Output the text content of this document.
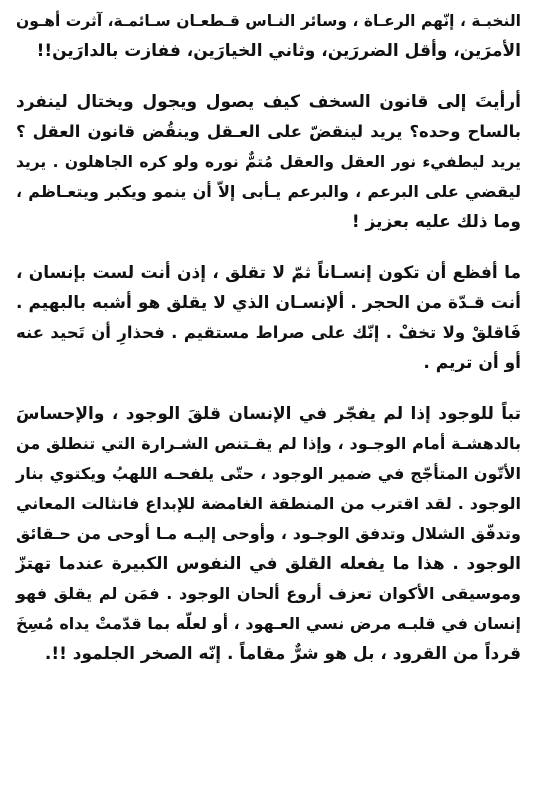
النخبـة ، إنّهم الرعـاة ، وسائر النـاس قـطعـان سـائمـة، آثرت أهـون
الأمرَين، وأقل الضررَين، وثاني الخيارَين، ففازت بالدارَين!!
أرأيتَ إلى قانون السخف كيف يصول ويجول ويختال لينفرد
بالساح وحده؟ يريد لينقضّ على العـقل وينقُض قانون العقل ؟
يريد ليطفيء نور العقل والعقل مُتمٌّ نوره ولو كره الجاهلون . يريد
ليقضي على البرعم ، والبرعم يـأبى إلاّ أن ينمو ويكبر ويتعـاظم ،
وما ذلك عليه بعزيز !
ما أفظع أن تكون إنسـاناً ثمّ لا تقلق ، إذن أنت لست بإنسان ،
أنت قـدّة من الحجر . ألإنسـان الذي لا يقلق هو أشبه بالبهيم .
فَاقلقْ ولا تخفْ . إنّك على صراط مستقيم . فحذارِ أن تَحيد عنه
أو أن تريم .
تباً للوجود إذا لم يفجّر في الإنسان قلقَ الوجود ، والإحساسَ
بالدهشـة أمام الوجـود ، وإذا لم يقـتنص الشـرارة التي تنطلق من
الأتّون المتأجّج في ضمير الوجود ، حتّى يلفحـه اللهبُ ويكتوي بنار
الوجود . لقد اقترب من المنطقة الغامضة للإبداع فانثالت المعاني
وتدفّق الشلال وتدفق الوجـود ، وأوحى إليـه مـا أوحى من حـقائق
الوجود . هذا ما يفعله القلق في النفوس الكبيرة عندما تهتزّ
وموسيقى الأكوان تعزف أروع ألحان الوجود . فمَن لم يقلق فهو
إنسان في قلبـه مرض نسي العـهود ، أو لعلّه بما قدّمتْ يداه مُسِخَ
قرداً من القرود ، بل هو شرٌّ مقاماً . إنّه الصخر الجلمود !!.
